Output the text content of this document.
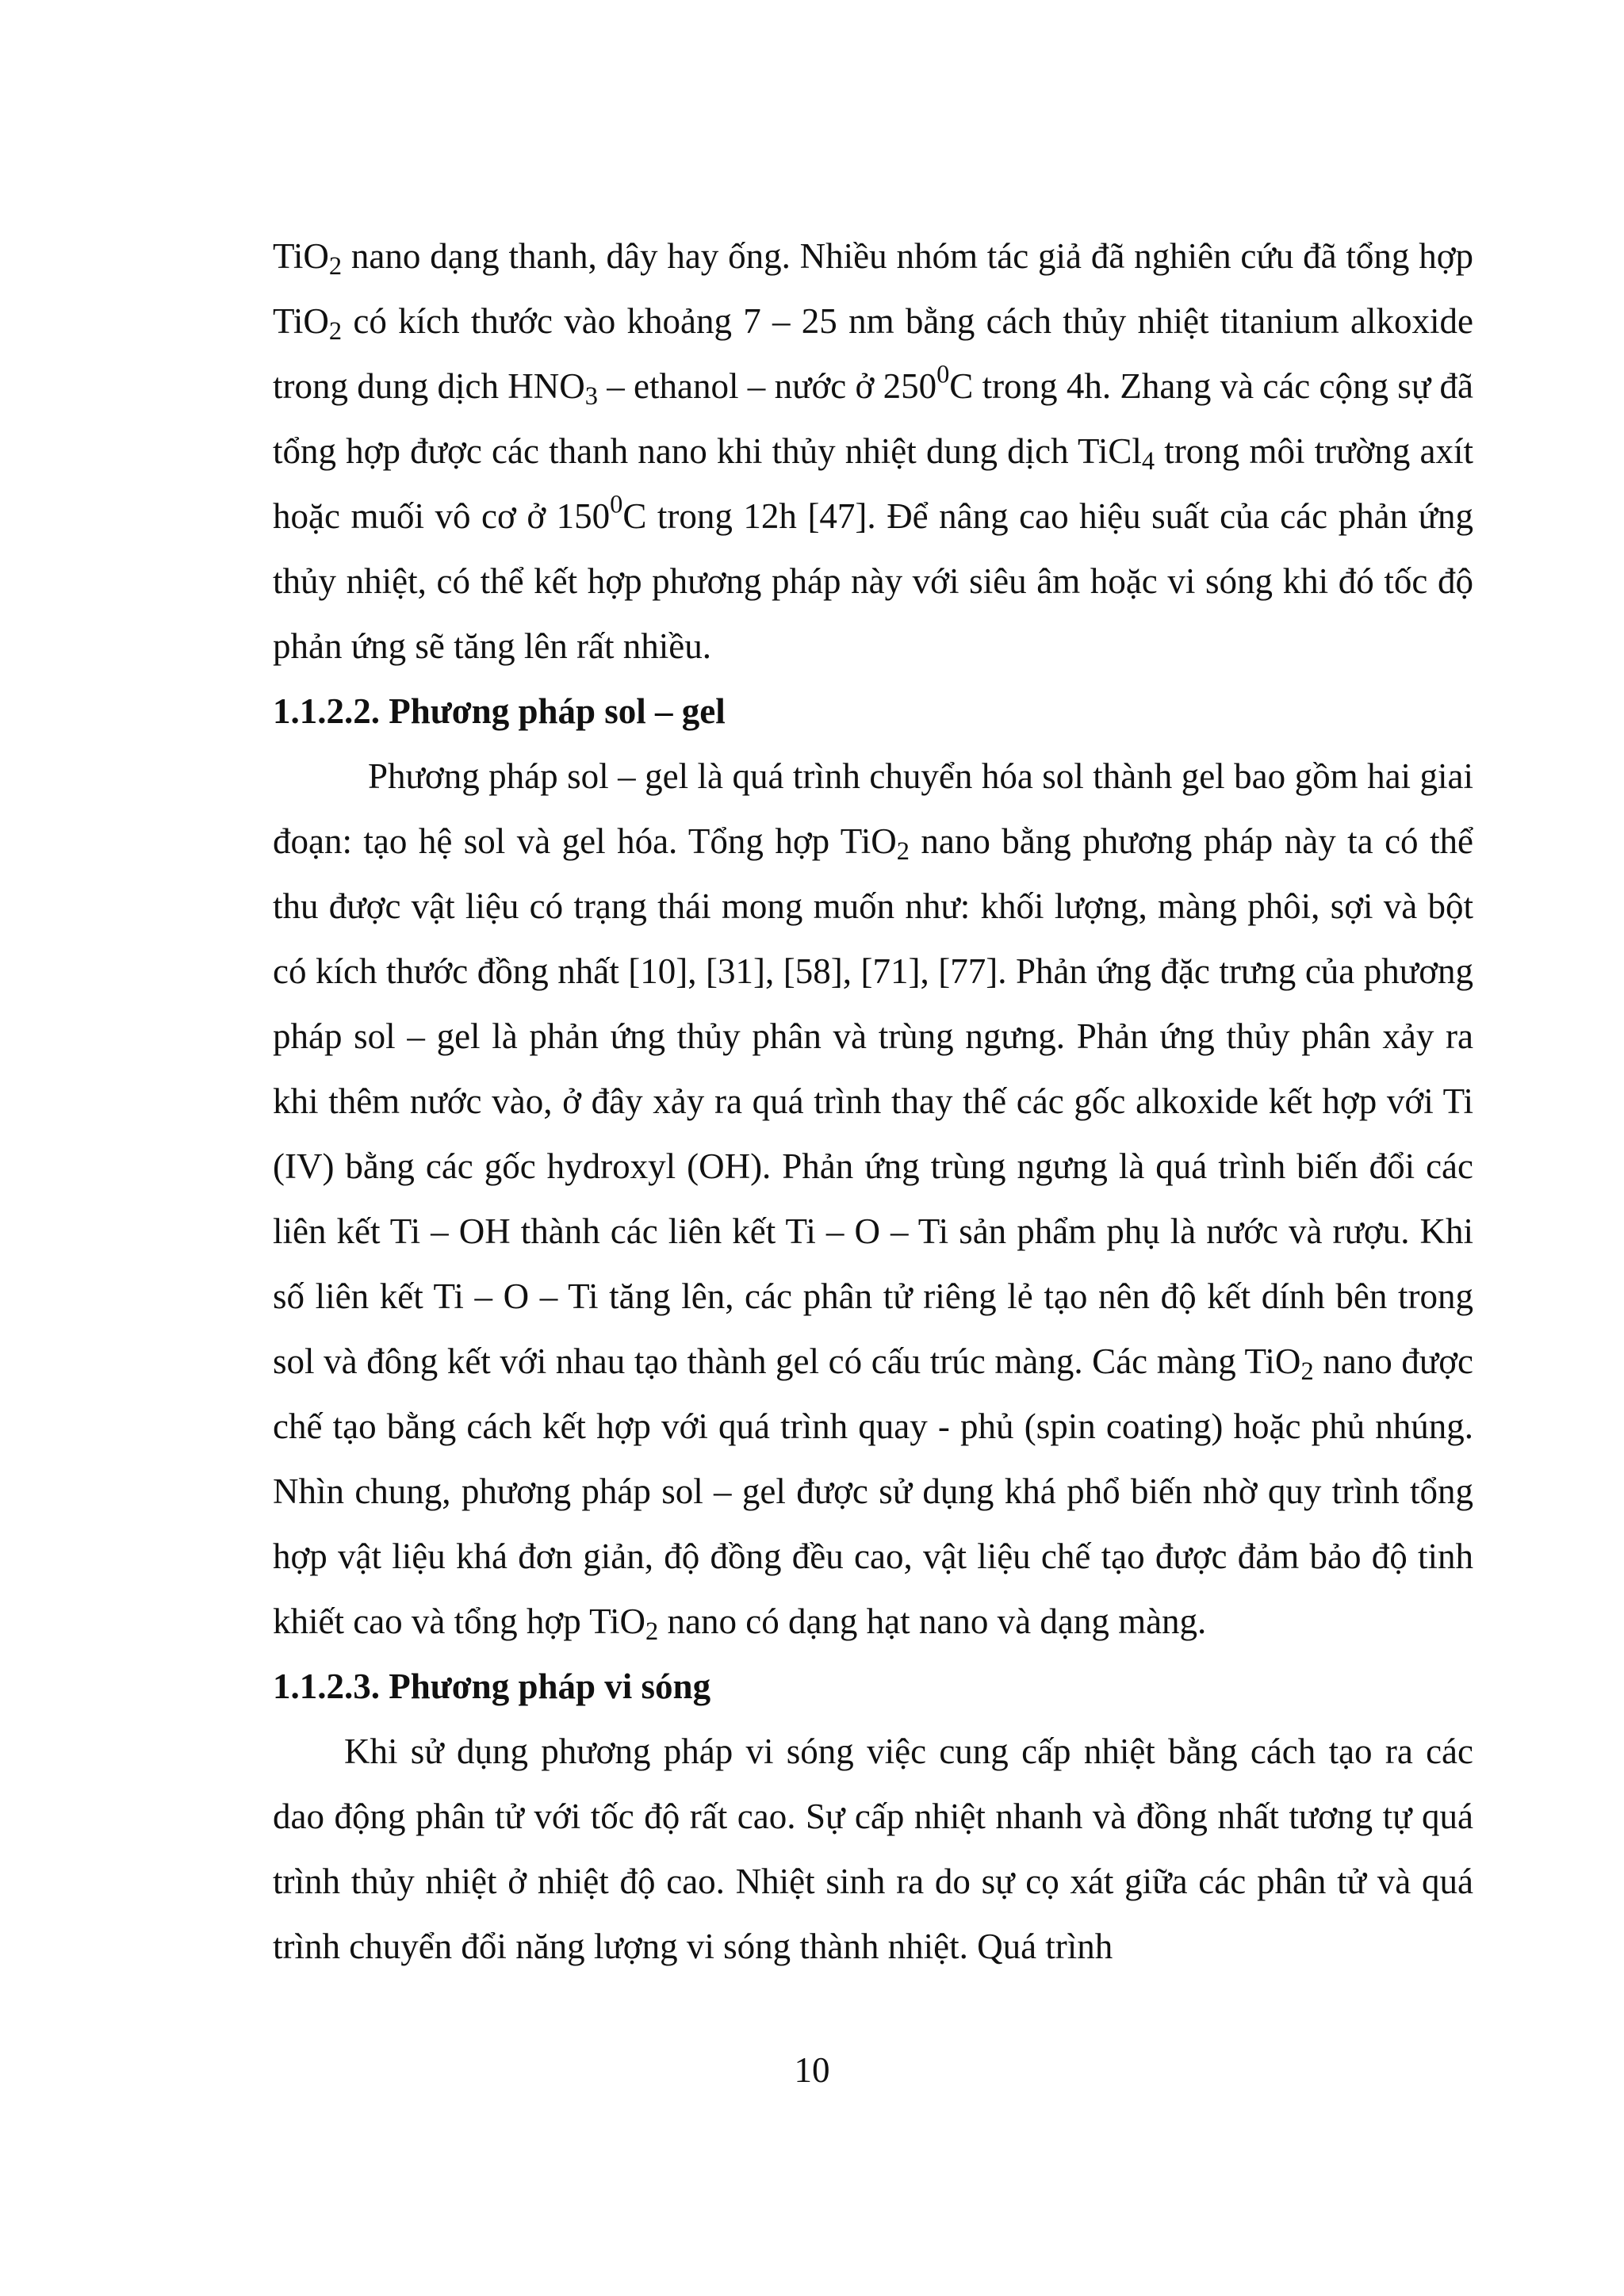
TiO$_2$ nano dạng thanh, dây hay ống. Nhiều nhóm tác giả đã nghiên cứu đã tổng hợp TiO$_2$ có kích thước vào khoảng 7 – 25 nm bằng cách thủy nhiệt titanium alkoxide trong dung dịch $HNO_3$ – ethanol – nước ở $250^0C$ trong 4h. Zhang và các cộng sự đã tổng hợp được các thanh nano khi thủy nhiệt dung dịch TiCl$_4$ trong môi trường axít hoặc muối vô cơ ở $150^0C$ trong 12h [47]. Để nâng cao hiệu suất của các phản ứng thủy nhiệt, có thể kết hợp phương pháp này với siêu âm hoặc vi sóng khi đó tốc độ phản ứng sẽ tăng lên rất nhiều.

1.1.2.2. Phương pháp sol – gel

Phương pháp sol – gel là quá trình chuyển hóa sol thành gel bao gồm hai giai đoạn: tạo hệ sol và gel hóa. Tổng hợp TiO$_2$ nano bằng phương pháp này ta có thể thu được vật liệu có trạng thái mong muốn như: khối lượng, màng phôi, sợi và bột có kích thước đồng nhất [10], [31], [58], [71], [77]. Phản ứng đặc trưng của phương pháp sol – gel là phản ứng thủy phân và trùng ngưng. Phản ứng thủy phân xảy ra khi thêm nước vào, ở đây xảy ra quá trình thay thế các gốc alkoxide kết hợp với Ti (IV) bằng các gốc hydroxyl (OH). Phản ứng trùng ngưng là quá trình biến đổi các liên kết Ti – OH thành các liên kết Ti – O – Ti sản phẩm phụ là nước và rượu. Khi số liên kết Ti – O – Ti tăng lên, các phân tử riêng lẻ tạo nên độ kết dính bên trong sol và đông kết với nhau tạo thành gel có cấu trúc màng. Các màng TiO$_2$ nano được chế tạo bằng cách kết hợp với quá trình quay - phủ (spin coating) hoặc phủ nhúng. Nhìn chung, phương pháp sol – gel được sử dụng khá phổ biến nhờ quy trình tổng hợp vật liệu khá đơn giản, độ đồng đều cao, vật liệu chế tạo được đảm bảo độ tinh khiết cao và tổng hợp TiO$_2$ nano có dạng hạt nano và dạng màng.

1.1.2.3. Phương pháp vi sóng

Khi sử dụng phương pháp vi sóng việc cung cấp nhiệt bằng cách tạo ra các dao động phân tử với tốc độ rất cao. Sự cấp nhiệt nhanh và đồng nhất tương tự quá trình thủy nhiệt ở nhiệt độ cao. Nhiệt sinh ra do sự cọ xát giữa các phân tử và quá trình chuyển đổi năng lượng vi sóng thành nhiệt. Quá trình

10
